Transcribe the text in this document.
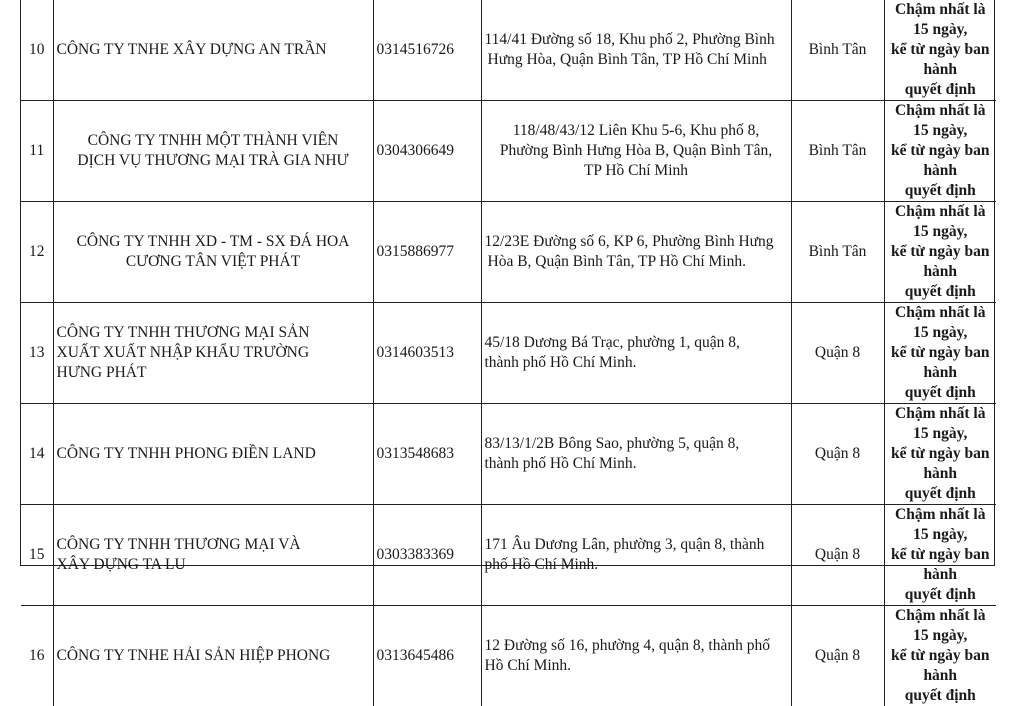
10	CÔNG TY TNHE XÂY DỰNG AN TRẦN	0314516726	114/41 Đường số 18, Khu phố 2, Phường Bình
Hưng Hòa, Quận Bình Tân, TP Hồ Chí Minh	Bình Tân	Chậm nhất là 15 ngày,
kể từ ngày ban hành
quyết định

11	CÔNG TY TNHH MỘT THÀNH VIÊN
DỊCH VỤ THƯƠNG MẠI TRÀ GIA NHƯ	0304306649	118/48/43/12 Liên Khu 5-6, Khu phố 8,
Phường Bình Hưng Hòa B, Quận Bình Tân,
TP Hồ Chí Minh	Bình Tân	Chậm nhất là 15 ngày,
kể từ ngày ban hành
quyết định

12	CÔNG TY TNHH XD - TM - SX ĐÁ HOA
CƯƠNG TÂN VIỆT PHÁT	0315886977	12/23E Đường số 6, KP 6, Phường Bình Hưng
Hòa B, Quận Bình Tân, TP Hồ Chí Minh.	Bình Tân	Chậm nhất là 15 ngày,
kể từ ngày ban hành
quyết định

13	CÔNG TY TNHH THƯƠNG MẠI SẢN
XUẤT XUẤT NHẬP KHẨU TRƯỜNG
HƯNG PHÁT	0314603513	45/18 Dương Bá Trạc, phường 1, quận 8,
thành phố Hồ Chí Minh.	Quận 8	Chậm nhất là 15 ngày,
kể từ ngày ban hành
quyết định

14	CÔNG TY TNHH PHONG ĐIỀN LAND	0313548683	83/13/1/2B Bông Sao, phường 5, quận 8,
thành phố Hồ Chí Minh.	Quận 8	Chậm nhất là 15 ngày,
kể từ ngày ban hành
quyết định

15	CÔNG TY TNHH THƯƠNG MẠI VÀ
XÂY DỰNG TA LU	0303383369	171 Âu Dương Lân, phường 3, quận 8, thành
phố Hồ Chí Minh.	Quận 8	Chậm nhất là 15 ngày,
kể từ ngày ban hành
quyết định

16	CÔNG TY TNHE HẢI SẢN HIỆP PHONG	0313645486	12 Đường số 16, phường 4, quận 8, thành phố
Hồ Chí Minh.	Quận 8	Chậm nhất là 15 ngày,
kể từ ngày ban hành
quyết định
